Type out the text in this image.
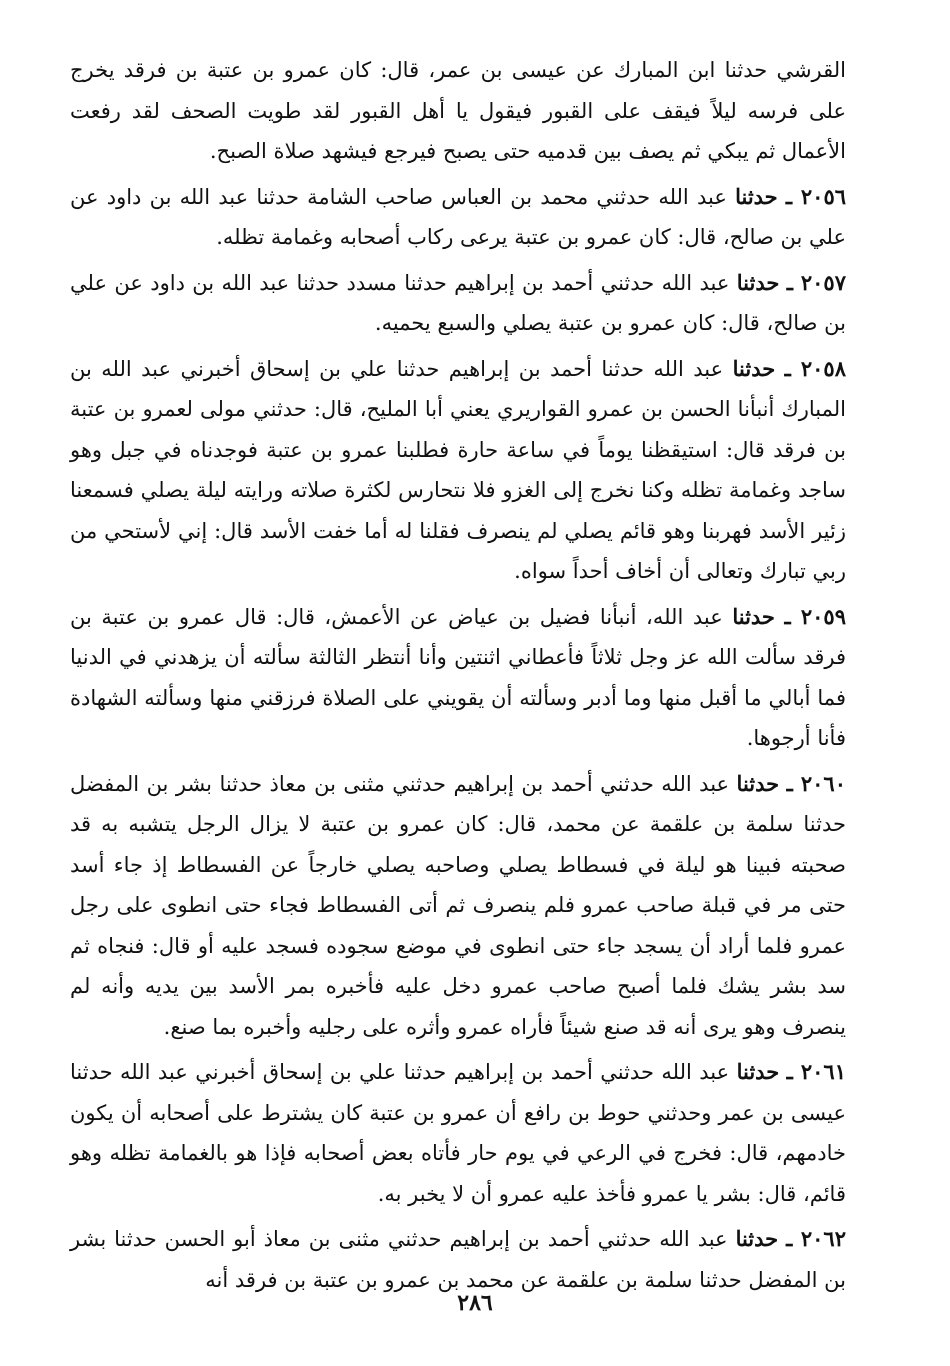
القرشي حدثنا ابن المبارك عن عيسى بن عمر، قال: كان عمرو بن عتبة بن فرقد يخرج على فرسه ليلاً فيقف على القبور فيقول يا أهل القبور لقد طويت الصحف لقد رفعت الأعمال ثم يبكي ثم يصف بين قدميه حتى يصبح فيرجع فيشهد صلاة الصبح.

٢٠٥٦ ـ حدثنا عبد الله حدثني محمد بن العباس صاحب الشامة حدثنا عبد الله بن داود عن علي بن صالح، قال: كان عمرو بن عتبة يرعى ركاب أصحابه وغمامة تظله.

٢٠٥٧ ـ حدثنا عبد الله حدثني أحمد بن إبراهيم حدثنا مسدد حدثنا عبد الله بن داود عن علي بن صالح، قال: كان عمرو بن عتبة يصلي والسبع يحميه.

٢٠٥٨ ـ حدثنا عبد الله حدثنا أحمد بن إبراهيم حدثنا علي بن إسحاق أخبرني عبد الله بن المبارك أنبأنا الحسن بن عمرو القواريري يعني أبا المليح، قال: حدثني مولى لعمرو بن عتبة بن فرقد قال: استيقظنا يوماً في ساعة حارة فطلبنا عمرو بن عتبة فوجدناه في جبل وهو ساجد وغمامة تظله وكنا نخرج إلى الغزو فلا نتحارس لكثرة صلاته ورايته ليلة يصلي فسمعنا زئير الأسد فهربنا وهو قائم يصلي لم ينصرف فقلنا له أما خفت الأسد قال: إني لأستحي من ربي تبارك وتعالى أن أخاف أحداً سواه.

٢٠٥٩ ـ حدثنا عبد الله، أنبأنا فضيل بن عياض عن الأعمش، قال: قال عمرو بن عتبة بن فرقد سألت الله عز وجل ثلاثاً فأعطاني اثنتين وأنا أنتظر الثالثة سألته أن يزهدني في الدنيا فما أبالي ما أقبل منها وما أدبر وسألته أن يقويني على الصلاة فرزقني منها وسألته الشهادة فأنا أرجوها.

٢٠٦٠ ـ حدثنا عبد الله حدثني أحمد بن إبراهيم حدثني مثنى بن معاذ حدثنا بشر بن المفضل حدثنا سلمة بن علقمة عن محمد، قال: كان عمرو بن عتبة لا يزال الرجل يتشبه به قد صحبته فبينا هو ليلة في فسطاط يصلي وصاحبه يصلي خارجاً عن الفسطاط إذ جاء أسد حتى مر في قبلة صاحب عمرو فلم ينصرف ثم أتى الفسطاط فجاء حتى انطوى على رجل عمرو فلما أراد أن يسجد جاء حتى انطوى في موضع سجوده فسجد عليه أو قال: فنجاه ثم سد بشر يشك فلما أصبح صاحب عمرو دخل عليه فأخبره بمر الأسد بين يديه وأنه لم ينصرف وهو يرى أنه قد صنع شيئاً فأراه عمرو وأثره على رجليه وأخبره بما صنع.

٢٠٦١ ـ حدثنا عبد الله حدثني أحمد بن إبراهيم حدثنا علي بن إسحاق أخبرني عبد الله حدثنا عيسى بن عمر وحدثني حوط بن رافع أن عمرو بن عتبة كان يشترط على أصحابه أن يكون خادمهم، قال: فخرج في الرعي في يوم حار فأتاه بعض أصحابه فإذا هو بالغمامة تظله وهو قائم، قال: بشر يا عمرو فأخذ عليه عمرو أن لا يخبر به.

٢٠٦٢ ـ حدثنا عبد الله حدثني أحمد بن إبراهيم حدثني مثنى بن معاذ أبو الحسن حدثنا بشر بن المفضل حدثنا سلمة بن علقمة عن محمد بن عمرو بن عتبة بن فرقد أنه

٢٨٦
